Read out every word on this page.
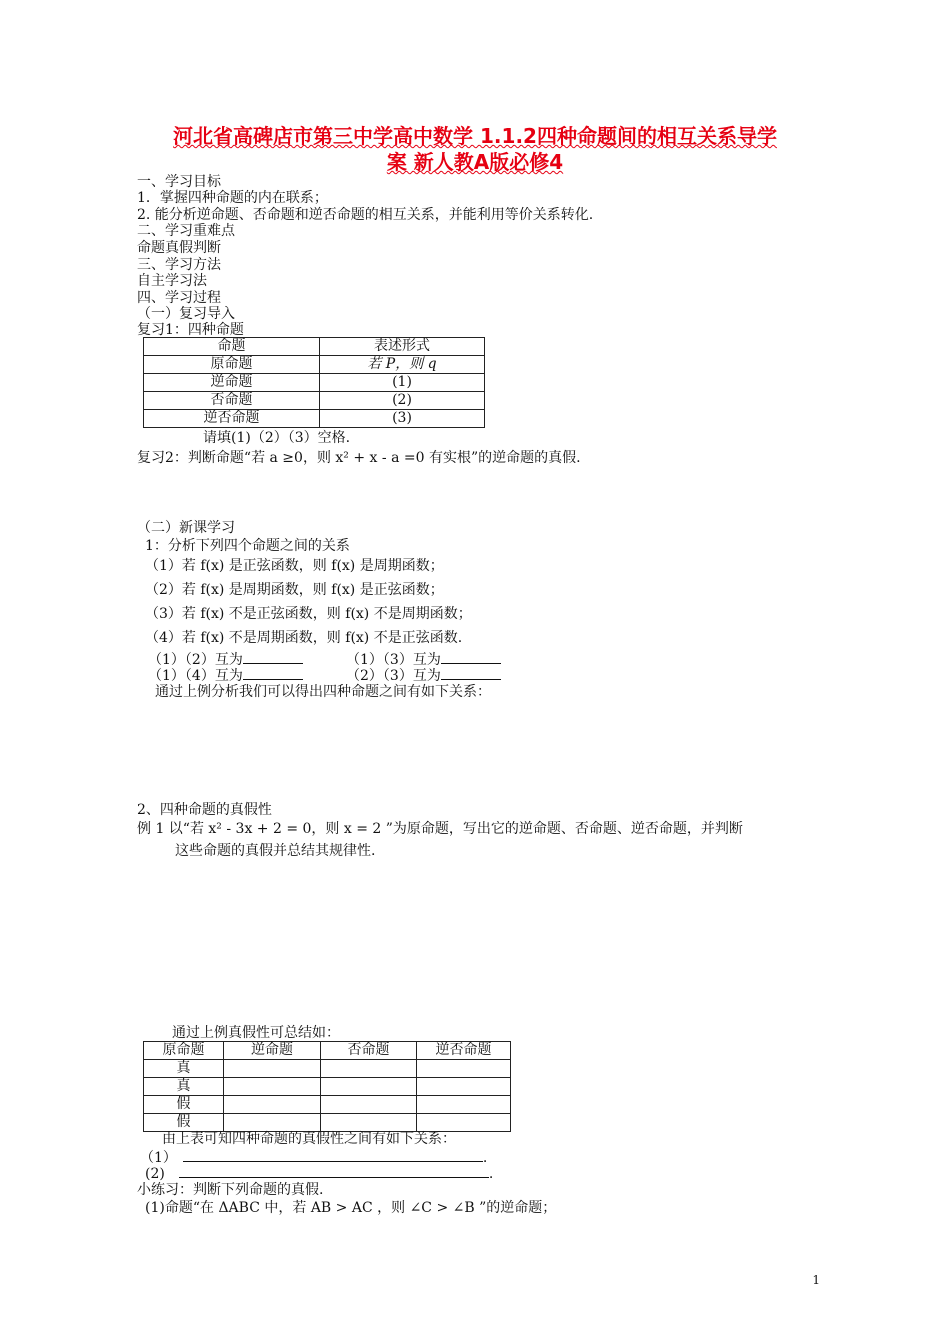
河北省高碑店市第三中学高中数学 1.1.2四种命题间的相互关系导学
案 新人教A版必修4
一、学习目标
1．掌握四种命题的内在联系；
2. 能分析逆命题、否命题和逆否命题的相互关系，并能利用等价关系转化.
二、学习重难点
命题真假判断
三、学习方法
自主学习法
四、学习过程
（一）复习导入
复习1：四种命题
命题	表述形式
原命题	若 P，则 q
逆命题	(1)
否命题	(2)
逆否命题	(3)
请填(1)（2）（3）空格.
复习2：判断命题“若 a ≥0，则 x² + x - a =0 有实根”的逆命题的真假.
（二）新课学习
1：分析下列四个命题之间的关系
（1）若 f(x) 是正弦函数，则 f(x) 是周期函数；
（2）若 f(x) 是周期函数，则 f(x) 是正弦函数；
（3）若 f(x) 不是正弦函数，则 f(x) 不是周期函数；
（4）若 f(x) 不是周期函数，则 f(x) 不是正弦函数.
（1）（2）互为	（1）（3）互为
（1）（4）互为	（2）（3）互为
通过上例分析我们可以得出四种命题之间有如下关系：
2、四种命题的真假性
例 1 以“若 x² - 3x + 2 = 0，则 x = 2 ”为原命题，写出它的逆命题、否命题、逆否命题，并判断
这些命题的真假并总结其规律性.
通过上例真假性可总结如：
原命题	逆命题	否命题	逆否命题
真			
真			
假			
假			
由上表可知四种命题的真假性之间有如下关系：
（1）	.
(2)	.
小练习：判断下列命题的真假.
(1)命题“在 ΔABC 中，若 AB > AC ，则 ∠C > ∠B ”的逆命题；
1
